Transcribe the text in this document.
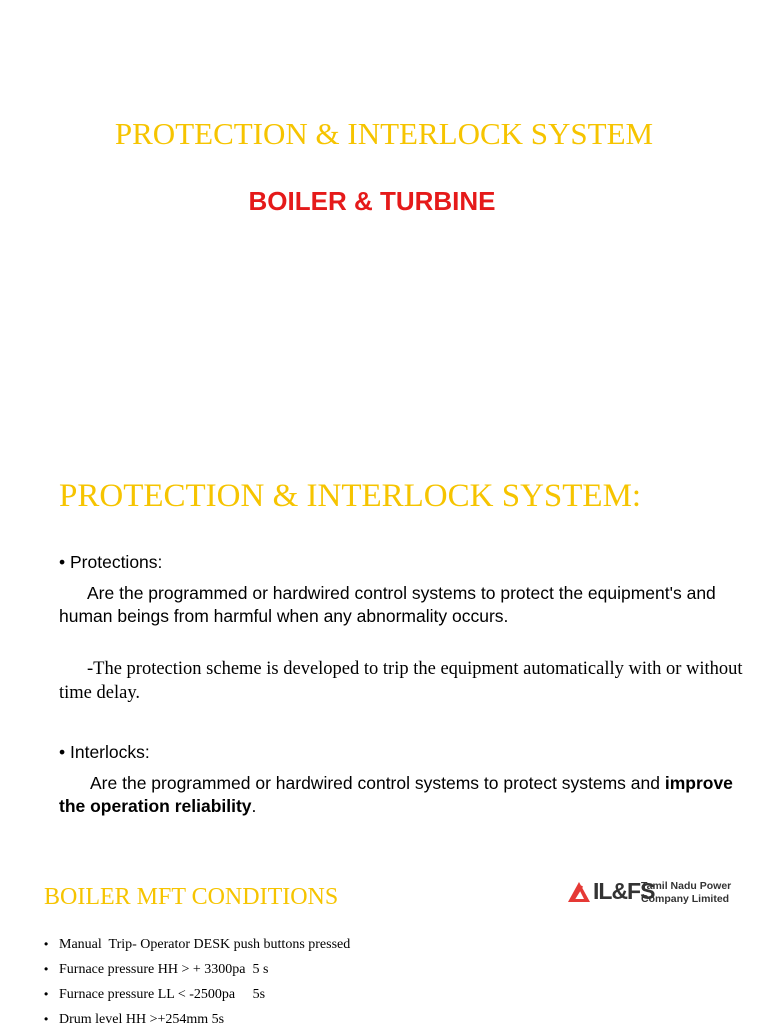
PROTECTION & INTERLOCK SYSTEM
BOILER & TURBINE
PROTECTION & INTERLOCK SYSTEM:
• Protections:
Are the programmed or hardwired control systems to protect the equipment's and human beings from harmful when any abnormality occurs.
-The protection scheme is developed to trip the equipment automatically with or without time delay.
• Interlocks:
Are the programmed or hardwired control systems to protect systems and improve the operation reliability.
BOILER MFT CONDITIONS	IL&FS
Tamil Nadu Power
Company Limited
• Manual  Trip- Operator DESK push buttons pressed
• Furnace pressure HH > + 3300pa  5 s
• Furnace pressure LL < -2500pa     5s
• Drum level HH >+254mm 5s
